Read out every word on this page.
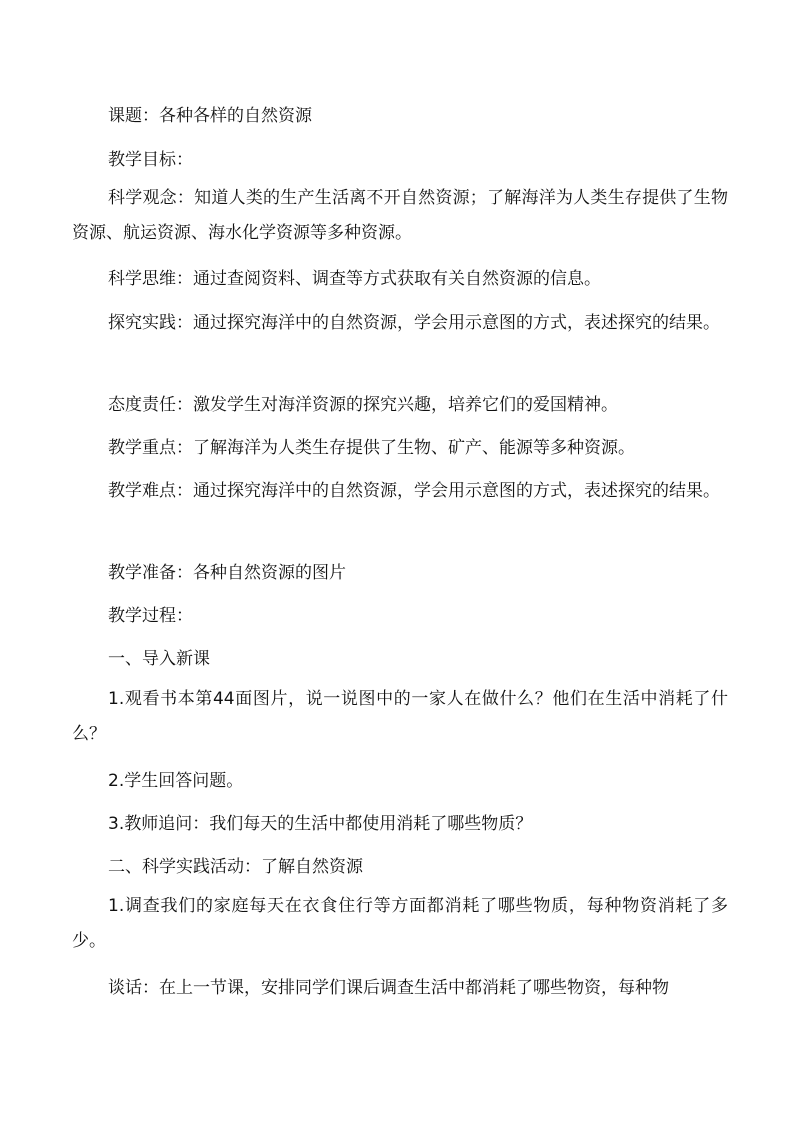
课题：各种各样的自然资源

教学目标：

科学观念：知道人类的生产生活离不开自然资源；了解海洋为人类生存提供了生物资源、航运资源、海水化学资源等多种资源。

科学思维：通过查阅资料、调查等方式获取有关自然资源的信息。

探究实践：通过探究海洋中的自然资源，学会用示意图的方式，表述探究的结果。

态度责任：激发学生对海洋资源的探究兴趣，培养它们的爱国精神。

教学重点：了解海洋为人类生存提供了生物、矿产、能源等多种资源。

教学难点：通过探究海洋中的自然资源，学会用示意图的方式，表述探究的结果。

教学准备：各种自然资源的图片

教学过程：

一、导入新课

1.观看书本第44面图片，说一说图中的一家人在做什么？他们在生活中消耗了什么？

2.学生回答问题。

3.教师追问：我们每天的生活中都使用消耗了哪些物质？

二、科学实践活动：了解自然资源

1.调查我们的家庭每天在衣食住行等方面都消耗了哪些物质，每种物资消耗了多少。

谈话：在上一节课，安排同学们课后调查生活中都消耗了哪些物资，每种物
